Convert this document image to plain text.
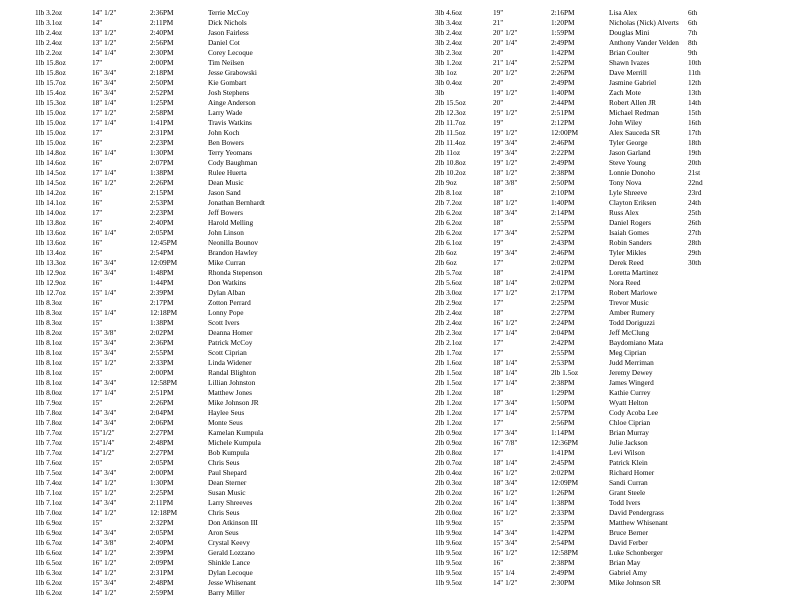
1lb 3.2oz	14" 1/2"	2:36PM	Terrie McCoy
1lb 3.1oz	14"	2:11PM	Dick Nichols
1lb 2.4oz	13" 1/2"	2:40PM	Jason Fairless
1lb 2.4oz	13" 1/2"	2:56PM	Daniel Cot
1lb 2.2oz	14" 1/4"	2:30PM	Corey Lecoque
1lb 15.8oz	17"	2:00PM	Tim Neilsen
1lb 15.8oz	16" 3/4"	2:18PM	Jesse Grabowski
1lb 15.7oz	16" 3/4"	2:50PM	Kie Gombart
1lb 15.4oz	16" 3/4"	2:52PM	Josh Stephens
1lb 15.3oz	18" 1/4"	1:25PM	Ainge Anderson
1lb 15.0oz	17" 1/2"	2:58PM	Larry Wade
1lb 15.0oz	17" 1/4"	1:41PM	Travis Watkins
1lb 15.0oz	17"	2:31PM	John Koch
1lb 15.0oz	16"	2:23PM	Ben Bowers
1lb 14.8oz	16" 1/4"	1:30PM	Terry Yeomans
1lb 14.6oz	16"	2:07PM	Cody Baughman
1lb 14.5oz	17" 1/4"	1:38PM	Rulee Huerta
1lb 14.5oz	16" 1/2"	2:26PM	Dean Music
1lb 14.2oz	16"	2:15PM	Jason Sand
1lb 14.1oz	16"	2:53PM	Jonathan Bernhardt
1lb 14.0oz	17"	2:23PM	Jeff Bowers
1lb 13.8oz	16"	2:40PM	Harold Melling
1lb 13.6oz	16" 1/4"	2:05PM	John Linson
1lb 13.6oz	16"	12:45PM	Neonilla Bounov
1lb 13.4oz	16"	2:54PM	Brandon Hawley
1lb 13.3oz	16" 3/4"	12:09PM	Mike Curran
1lb 12.9oz	16" 3/4"	1:48PM	Rhonda Stepenson
1lb 12.9oz	16"	1:44PM	Don Watkins
1lb 12.7oz	15" 1/4"	2:39PM	Dylan Alban
1lb 8.3oz	16"	2:17PM	Zotton Perrard
1lb 8.3oz	15" 1/4"	12:18PM	Lonny Pope
1lb 8.3oz	15"	1:38PM	Scott Ivers
1lb 8.2oz	15" 3/8"	2:02PM	Deanna Homer
1lb 8.1oz	15" 3/4"	2:36PM	Patrick McCoy
1lb 8.1oz	15" 3/4"	2:55PM	Scott Ciprian
1lb 8.1oz	15" 1/2"	2:33PM	Linda Widener
1lb 8.1oz	15"	2:00PM	Randal Blighton
1lb 8.1oz	14" 3/4"	12:58PM	Lillian Johnston
1lb 8.0oz	17" 1/4"	2:51PM	Matthew Jones
1lb 7.9oz	15"	2:26PM	Mike Johnson JR
1lb 7.8oz	14" 3/4"	2:04PM	Haylee Seus
1lb 7.8oz	14" 3/4"	2:06PM	Monte Seus
1lb 7.7oz	15"1/2"	2:27PM	Kamelan Kumpula
1lb 7.7oz	15"1/4"	2:48PM	Michele Kumpula
1lb 7.7oz	14"1/2"	2:27PM	Bob Kumpula
1lb 7.6oz	15"	2:05PM	Chris Seus
1lb 7.5oz	14" 3/4"	2:00PM	Paul Shepard
1lb 7.4oz	14" 1/2"	1:30PM	Dean Sterner
1lb 7.1oz	15" 1/2"	2:25PM	Susan Music
1lb 7.1oz	14" 3/4"	2:11PM	Larry Shreeves
1lb 7.0oz	14" 1/2"	12:18PM	Chris Seus
1lb 6.9oz	15"	2:32PM	Don Atkinson III
1lb 6.9oz	14" 3/4"	2:05PM	Aron Seus
1lb 6.7oz	14" 3/8"	2:40PM	Crystal Keevy
1lb 6.6oz	14" 1/2"	2:39PM	Gerald Lozzano
1lb 6.5oz	16" 1/2"	2:09PM	Shinkle Lance
1lb 6.3oz	14" 1/2"	2:31PM	Dylan Lecoque
1lb 6.2oz	15" 3/4"	2:48PM	Jesse Whisenant
1lb 6.2oz	14" 1/2"	2:59PM	Barry Miller
3lb 4.6oz	19"	2:16PM	Lisa Alex	6th
3lb 3.4oz	21"	1:20PM	Nicholas (Nick) Alverts 6th
3lb 2.4oz	20" 1/2"	1:59PM	Douglas Mini	7th
3lb 2.4oz	20" 1/4"	2:49PM	Anthony Vander Velden 8th
3lb 2.3oz	20"	1:42PM	Brian Coulter	9th
3lb 1.2oz	21" 1/4"	2:52PM	Shawn Ivazes	10th
3lb 1oz	20" 1/2"	2:26PM	Dave Merrill	11th
3lb 0.4oz	20"	2:49PM	Jasmine Gabriel	12th
3lb	19" 1/2"	1:40PM	Zach Mote	13th
2lb 15.5oz	20"	2:44PM	Robert Allen JR	14th
2lb 12.3oz	19" 1/2"	2:51PM	Michael Redman	15th
2lb 11.7oz	19"	2:12PM	John Wiley	16th
2lb 11.5oz	19" 1/2"	12:00PM	Alex Sauceda SR	17th
2lb 11.4oz	19" 3/4"	2:46PM	Tyler George	18th
2lb 11oz	19" 3/4"	2:22PM	Jason Garland	19th
2lb 10.8oz	19" 1/2"	2:49PM	Steve Young	20th
2lb 10.2oz	18" 1/2"	2:38PM	Lonnie Donoho	21st
2lb 9oz	18" 3/8"	2:50PM	Tony Nova	22nd
2lb 8.1oz	18"	2:10PM	Lyle Shreeve	23rd
2lb 7.2oz	18" 1/2"	1:40PM	Clayton Eriksen	24th
2lb 6.2oz	18" 3/4"	2:14PM	Russ Alex	25th
2lb 6.2oz	18"	2:55PM	Daniel Rogers	26th
2lb 6.2oz	17" 3/4"	2:52PM	Isaiah Gomes	27th
2lb 6.1oz	19"	2:43PM	Robin Sanders	28th
2lb 6oz	19" 3/4"	2:46PM	Tyler Mikles	29th
2lb 6oz	17"	2:02PM	Derek Reed	30th
2lb 5.7oz	18"	2:41PM	Loretta Martinez
2lb 5.6oz	18" 1/4"	2:02PM	Nora Reed
2lb 3.0oz	17" 1/2"	2:17PM	Robert Marlowe
2lb 2.9oz	17"	2:25PM	Trevor Music
2lb 2.4oz	18"	2:27PM	Amber Rumery
2lb 2.4oz	16" 1/2"	2:24PM	Todd Doriguzzi
2lb 2.3oz	17" 1/4"	2:04PM	Jeff McClung
2lb 2.1oz	17"	2:42PM	Baydomiano Mata
2lb 1.7oz	17"	2:55PM	Meg Ciprian
2lb 1.6oz	18" 1/4"	2:53PM	Judd Merriman
2lb 1.5oz	18" 1/4"	2lb 1.5oz	Jeremy Dewey
2lb 1.5oz	17" 1/4"	2:38PM	James Wingerd
2lb 1.2oz	18"	1:29PM	Kathie Currey
2lb 1.2oz	17" 3/4"	1:50PM	Wyatt Helton
2lb 1.2oz	17" 1/4"	2:57PM	Cody Acoba Lee
2lb 1.2oz	17"	2:56PM	Chloe Ciprian
2lb 0.9oz	17" 3/4"	1:14PM	Brian Murray
2lb 0.9oz	16" 7/8"	12:36PM	Julie Jackson
2lb 0.8oz	17"	1:41PM	Levi Wilson
2lb 0.7oz	18" 1/4"	2:45PM	Patrick Klein
2lb 0.4oz	16" 1/2"	2:02PM	Richard Homer
2lb 0.3oz	18" 3/4"	12:09PM	Sandi Curran
2lb 0.2oz	16" 1/2"	1:26PM	Grant Steele
2lb 0.2oz	16" 1/4"	1:38PM	Todd Ivers
2lb 0.0oz	16" 1/2"	2:33PM	David Pendergrass
1lb 9.9oz	15"	2:35PM	Matthew Whisenant
1lb 9.9oz	14" 3/4"	1:42PM	Bruce Berner
1lb 9.6oz	15" 3/4"	2:54PM	David Ferber
1lb 9.5oz	16" 1/2"	12:58PM	Luke Schonberger
1lb 9.5oz	16"	2:38PM	Brian May
1lb 9.5oz	15" 1/4	2:49PM	Gabriel Amy
1lb 9.5oz	14" 1/2"	2:30PM	Mike Johnson SR
